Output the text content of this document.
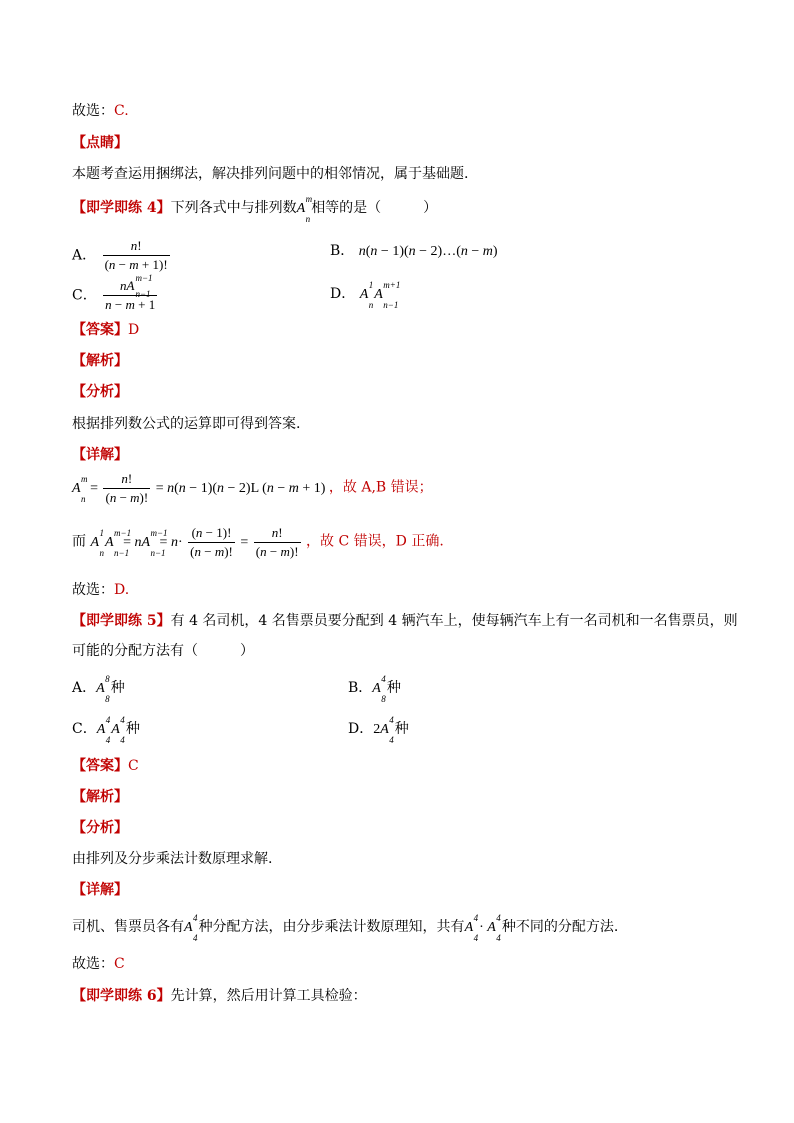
故选：C.
【点睛】
本题考查运用捆绑法，解决排列问题中的相邻情况，属于基础题.
【即学即练 4】下列各式中与排列数A
m
n
相等的是（　　　）
A． $\frac{n!}{(n - m + 1)!}$	B． n(n − 1)(n − 2)…(n − m)
C． nA m−1
n−1
n − m + 1	D． A
1
n
A
m+1
n−1
【答案】D
【解析】
【分析】
根据排列数公式的运算即可得到答案.
【详解】
A
m
n
= $\frac{n!}{(n - m)!} = n(n - 1)(n - 2)L$ (n − m + 1) ，故 A,B 错误；
而 A
1
n
A
m−1
n−1
= nA
m−1
n−1
= $n\cdot \frac{(n - 1)!}{(n - m)!} = \frac{n!}{(n - m)!}$ ，故 C 错误，D 正确.
故选：D.
【即学即练 5】有 4 名司机，4 名售票员要分配到 4 辆汽车上，使每辆汽车上有一名司机和一名售票员，则
可能的分配方法有（　　　）
A．A
8
8
种	B．A
4
8
种
C．A
4
4
A
4
4
种	D．2A
4
4
种
【答案】C
【解析】
【分析】
由排列及分步乘法计数原理求解.
【详解】
司机、售票员各有A
4
4
种分配方法，由分步乘法计数原理知，共有A
4
4
· A
4
4
种不同的分配方法.
故选：C
【即学即练 6】先计算，然后用计算工具检验：
